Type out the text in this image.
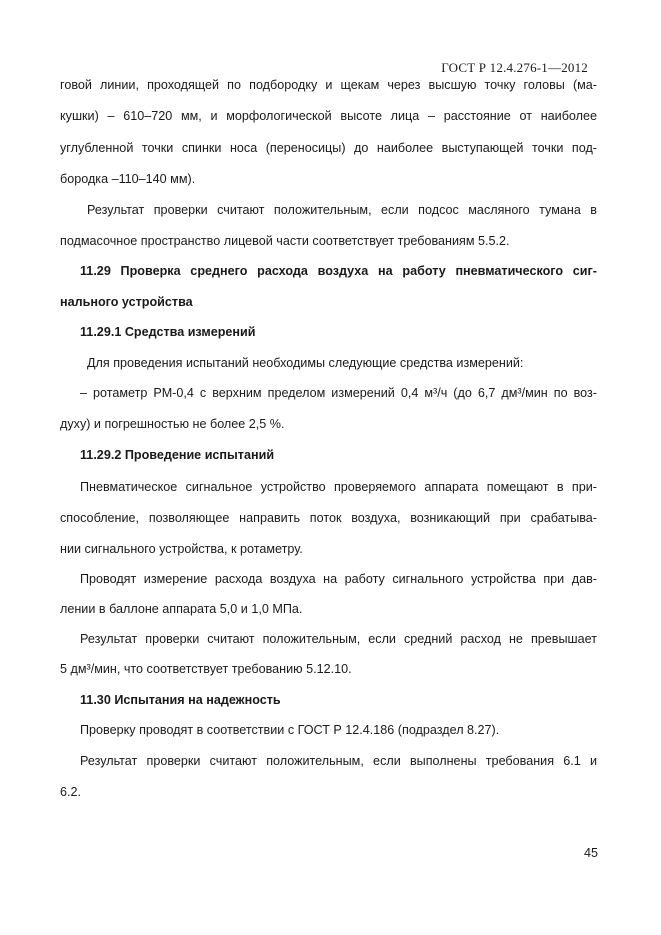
ГОСТ Р 12.4.276-1—2012
говой линии, проходящей по подбородку и щекам через высшую точку головы (ма-
кушки) – 610–720 мм, и морфологической высоте лица – расстояние от наиболее
углубленной точки спинки носа (переносицы) до наиболее выступающей точки под-
бородка –110–140 мм).
Результат проверки считают положительным, если подсос масляного тумана в
подмасочное пространство лицевой части соответствует требованиям 5.5.2.
11.29 Проверка среднего расхода воздуха на работу пневматического сиг-
нального устройства
11.29.1 Средства измерений
Для проведения испытаний необходимы следующие средства измерений:
– ротаметр РМ-0,4 с верхним пределом измерений 0,4 м³/ч (до 6,7 дм³/мин по воз-
духу) и погрешностью не более 2,5 %.
11.29.2 Проведение испытаний
Пневматическое сигнальное устройство проверяемого аппарата помещают в при-
способление, позволяющее направить поток воздуха, возникающий при срабатыва-
нии сигнального устройства, к ротаметру.
Проводят измерение расхода воздуха на работу сигнального устройства при дав-
лении в баллоне аппарата 5,0 и 1,0 МПа.
Результат проверки считают положительным, если средний расход не превышает
5 дм³/мин, что соответствует требованию 5.12.10.
11.30 Испытания на надежность
Проверку проводят в соответствии с ГОСТ Р 12.4.186 (подраздел 8.27).
Результат проверки считают положительным, если выполнены требования 6.1 и
6.2.
45
